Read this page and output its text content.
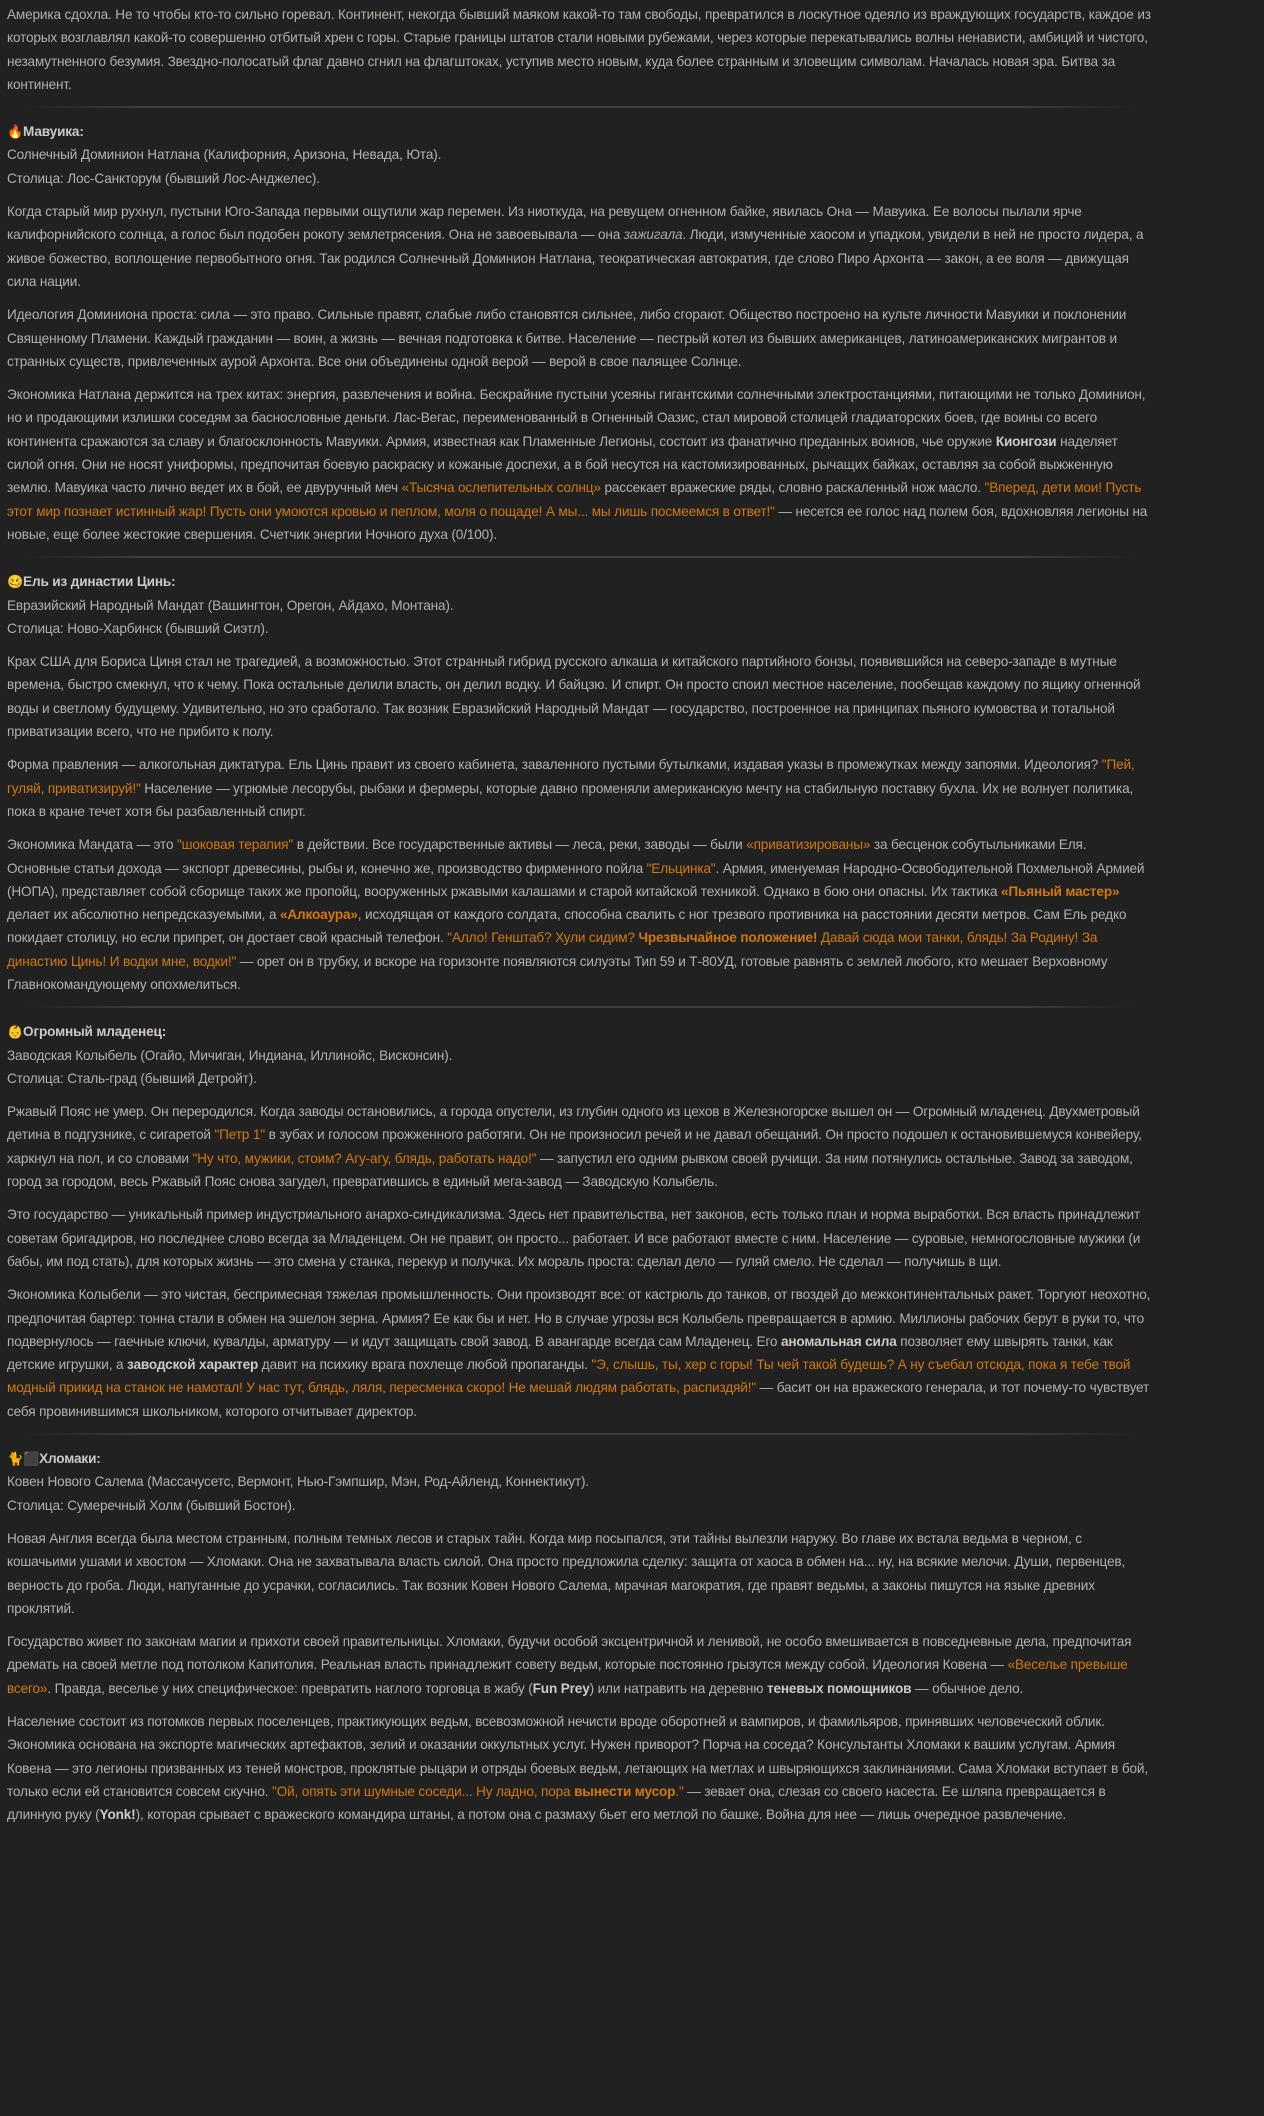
Америка сдохла. Не то чтобы кто-то сильно горевал. Континент, некогда бывший маяком какой-то там свободы, превратился в лоскутное одеяло из враждующих государств, каждое из которых возглавлял какой-то совершенно отбитый хрен с горы. Старые границы штатов стали новыми рубежами, через которые перекатывались волны ненависти, амбиций и чистого, незамутненного безумия. Звездно-полосатый флаг давно сгнил на флагштоках, уступив место новым, куда более странным и зловещим символам. Началась новая эра. Битва за континент.

🔥Мавуика:

Солнечный Доминион Натлана (Калифорния, Аризона, Невада, Юта).

Столица: Лос-Санкторум (бывший Лос-Анджелес).

Когда старый мир рухнул, пустыни Юго-Запада первыми ощутили жар перемен. Из ниоткуда, на ревущем огненном байке, явилась Она — Мавуика. Ее волосы пылали ярче калифорнийского солнца, а голос был подобен рокоту землетрясения. Она не завоевывала — она зажигала. Люди, измученные хаосом и упадком, увидели в ней не просто лидера, а живое божество, воплощение первобытного огня. Так родился Солнечный Доминион Натлана, теократическая автократия, где слово Пиро Архонта — закон, а ее воля — движущая сила нации.

Идеология Доминиона проста: сила — это право. Сильные правят, слабые либо становятся сильнее, либо сгорают. Общество построено на культе личности Мавуики и поклонении Священному Пламени. Каждый гражданин — воин, а жизнь — вечная подготовка к битве. Население — пестрый котел из бывших американцев, латиноамериканских мигрантов и странных существ, привлеченных аурой Архонта. Все они объединены одной верой — верой в свое палящее Солнце.

Экономика Натлана держится на трех китах: энергия, развлечения и война. Бескрайние пустыни усеяны гигантскими солнечными электростанциями, питающими не только Доминион, но и продающими излишки соседям за баснословные деньги. Лас-Вегас, переименованный в Огненный Оазис, стал мировой столицей гладиаторских боев, где воины со всего континента сражаются за славу и благосклонность Мавуики. Армия, известная как Пламенные Легионы, состоит из фанатично преданных воинов, чье оружие Кионгози наделяет силой огня. Они не носят униформы, предпочитая боевую раскраску и кожаные доспехи, а в бой несутся на кастомизированных, рычащих байках, оставляя за собой выжженную землю. Мавуика часто лично ведет их в бой, ее двуручный меч «Тысяча ослепительных солнц» рассекает вражеские ряды, словно раскаленный нож масло. "Вперед, дети мои! Пусть этот мир познает истинный жар! Пусть они умоются кровью и пеплом, моля о пощаде! А мы... мы лишь посмеемся в ответ!" — несется ее голос над полем боя, вдохновляя легионы на новые, еще более жестокие свершения. Счетчик энергии Ночного духа (0/100).

🥴Ель из династии Цинь:

Евразийский Народный Мандат (Вашингтон, Орегон, Айдахо, Монтана).

Столица: Ново-Харбинск (бывший Сиэтл).

Крах США для Бориса Циня стал не трагедией, а возможностью. Этот странный гибрид русского алкаша и китайского партийного бонзы, появившийся на северо-западе в мутные времена, быстро смекнул, что к чему. Пока остальные делили власть, он делил водку. И байцзю. И спирт. Он просто споил местное население, пообещав каждому по ящику огненной воды и светлому будущему. Удивительно, но это сработало. Так возник Евразийский Народный Мандат — государство, построенное на принципах пьяного кумовства и тотальной приватизации всего, что не прибито к полу.

Форма правления — алкогольная диктатура. Ель Цинь правит из своего кабинета, заваленного пустыми бутылками, издавая указы в промежутках между запоями. Идеология? "Пей, гуляй, приватизируй!" Население — угрюмые лесорубы, рыбаки и фермеры, которые давно променяли американскую мечту на стабильную поставку бухла. Их не волнует политика, пока в кране течет хотя бы разбавленный спирт.

Экономика Мандата — это "шоковая терапия" в действии. Все государственные активы — леса, реки, заводы — были «приватизированы» за бесценок собутыльниками Еля. Основные статьи дохода — экспорт древесины, рыбы и, конечно же, производство фирменного пойла "Ельцинка". Армия, именуемая Народно-Освободительной Похмельной Армией (НОПА), представляет собой сборище таких же пропойц, вооруженных ржавыми калашами и старой китайской техникой. Однако в бою они опасны. Их тактика «Пьяный мастер» делает их абсолютно непредсказуемыми, а «Алкоаура», исходящая от каждого солдата, способна свалить с ног трезвого противника на расстоянии десяти метров. Сам Ель редко покидает столицу, но если припрет, он достает свой красный телефон. "Алло! Генштаб? Хули сидим? Чрезвычайное положение! Давай сюда мои танки, блядь! За Родину! За династию Цинь! И водки мне, водки!" — орет он в трубку, и вскоре на горизонте появляются силуэты Тип 59 и Т-80УД, готовые равнять с землей любого, кто мешает Верховному Главнокомандующему опохмелиться.

👶Огромный младенец:

Заводская Колыбель (Огайо, Мичиган, Индиана, Иллинойс, Висконсин).

Столица: Сталь-град (бывший Детройт).

Ржавый Пояс не умер. Он переродился. Когда заводы остановились, а города опустели, из глубин одного из цехов в Железногорске вышел он — Огромный младенец. Двухметровый детина в подгузнике, с сигаретой "Петр 1" в зубах и голосом прожженного работяги. Он не произносил речей и не давал обещаний. Он просто подошел к остановившемуся конвейеру, харкнул на пол, и со словами "Ну что, мужики, стоим? Агу-агу, блядь, работать надо!" — запустил его одним рывком своей ручищи. За ним потянулись остальные. Завод за заводом, город за городом, весь Ржавый Пояс снова загудел, превратившись в единый мега-завод — Заводскую Колыбель.

Это государство — уникальный пример индустриального анархо-синдикализма. Здесь нет правительства, нет законов, есть только план и норма выработки. Вся власть принадлежит советам бригадиров, но последнее слово всегда за Младенцем. Он не правит, он просто... работает. И все работают вместе с ним. Население — суровые, немногословные мужики (и бабы, им под стать), для которых жизнь — это смена у станка, перекур и получка. Их мораль проста: сделал дело — гуляй смело. Не сделал — получишь в щи.

Экономика Колыбели — это чистая, беспримесная тяжелая промышленность. Они производят все: от кастрюль до танков, от гвоздей до межконтинентальных ракет. Торгуют неохотно, предпочитая бартер: тонна стали в обмен на эшелон зерна. Армия? Ее как бы и нет. Но в случае угрозы вся Колыбель превращается в армию. Миллионы рабочих берут в руки то, что подвернулось — гаечные ключи, кувалды, арматуру — и идут защищать свой завод. В авангарде всегда сам Младенец. Его аномальная сила позволяет ему швырять танки, как детские игрушки, а заводской характер давит на психику врага похлеще любой пропаганды. "Э, слышь, ты, хер с горы! Ты чей такой будешь? А ну съебал отсюда, пока я тебе твой модный прикид на станок не намотал! У нас тут, блядь, ляля, пересменка скоро! Не мешай людям работать, распиздяй!" — басит он на вражеского генерала, и тот почему-то чувствует себя провинившимся школьником, которого отчитывает директор.

🐈⬛Хломаки:

Ковен Нового Салема (Массачусетс, Вермонт, Нью-Гэмпшир, Мэн, Род-Айленд, Коннектикут).

Столица: Сумеречный Холм (бывший Бостон).

Новая Англия всегда была местом странным, полным темных лесов и старых тайн. Когда мир посыпался, эти тайны вылезли наружу. Во главе их встала ведьма в черном, с кошачьими ушами и хвостом — Хломаки. Она не захватывала власть силой. Она просто предложила сделку: защита от хаоса в обмен на... ну, на всякие мелочи. Души, первенцев, верность до гроба. Люди, напуганные до усрачки, согласились. Так возник Ковен Нового Салема, мрачная магократия, где правят ведьмы, а законы пишутся на языке древних проклятий.

Государство живет по законам магии и прихоти своей правительницы. Хломаки, будучи особой эксцентричной и ленивой, не особо вмешивается в повседневные дела, предпочитая дремать на своей метле под потолком Капитолия. Реальная власть принадлежит совету ведьм, которые постоянно грызутся между собой. Идеология Ковена — «Веселье превыше всего». Правда, веселье у них специфическое: превратить наглого торговца в жабу (Fun Prey) или натравить на деревню теневых помощников — обычное дело.

Население состоит из потомков первых поселенцев, практикующих ведьм, всевозможной нечисти вроде оборотней и вампиров, и фамильяров, принявших человеческий облик. Экономика основана на экспорте магических артефактов, зелий и оказании оккультных услуг. Нужен приворот? Порча на соседа? Консультанты Хломаки к вашим услугам. Армия Ковена — это легионы призванных из теней монстров, проклятые рыцари и отряды боевых ведьм, летающих на метлах и швыряющихся заклинаниями. Сама Хломаки вступает в бой, только если ей становится совсем скучно. "Ой, опять эти шумные соседи... Ну ладно, пора вынести мусор." — зевает она, слезая со своего насеста. Ее шляпа превращается в длинную руку (Yonk!), которая срывает с вражеского командира штаны, а потом она с размаху бьет его метлой по башке. Война для нее — лишь очередное развлечение.
